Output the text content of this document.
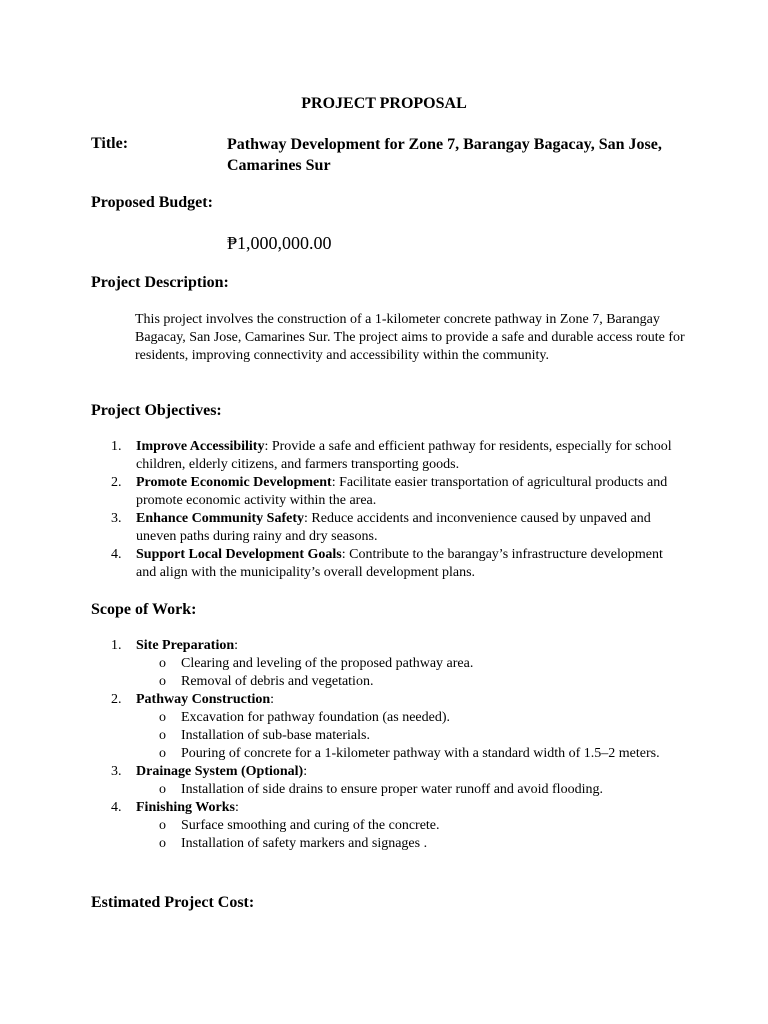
PROJECT PROPOSAL
Title:	Pathway Development for Zone 7, Barangay Bagacay, San Jose, Camarines Sur
Proposed Budget:
₱1,000,000.00
Project Description:
This project involves the construction of a 1-kilometer concrete pathway in Zone 7, Barangay Bagacay, San Jose, Camarines Sur. The project aims to provide a safe and durable access route for residents, improving connectivity and accessibility within the community.
Project Objectives:
1. Improve Accessibility: Provide a safe and efficient pathway for residents, especially for school children, elderly citizens, and farmers transporting goods.
2. Promote Economic Development: Facilitate easier transportation of agricultural products and promote economic activity within the area.
3. Enhance Community Safety: Reduce accidents and inconvenience caused by unpaved and uneven paths during rainy and dry seasons.
4. Support Local Development Goals: Contribute to the barangay’s infrastructure development and align with the municipality’s overall development plans.
Scope of Work:
1. Site Preparation:
o Clearing and leveling of the proposed pathway area.
o Removal of debris and vegetation.
2. Pathway Construction:
o Excavation for pathway foundation (as needed).
o Installation of sub-base materials.
o Pouring of concrete for a 1-kilometer pathway with a standard width of 1.5–2 meters.
3. Drainage System (Optional):
o Installation of side drains to ensure proper water runoff and avoid flooding.
4. Finishing Works:
o Surface smoothing and curing of the concrete.
o Installation of safety markers and signages .
Estimated Project Cost:
